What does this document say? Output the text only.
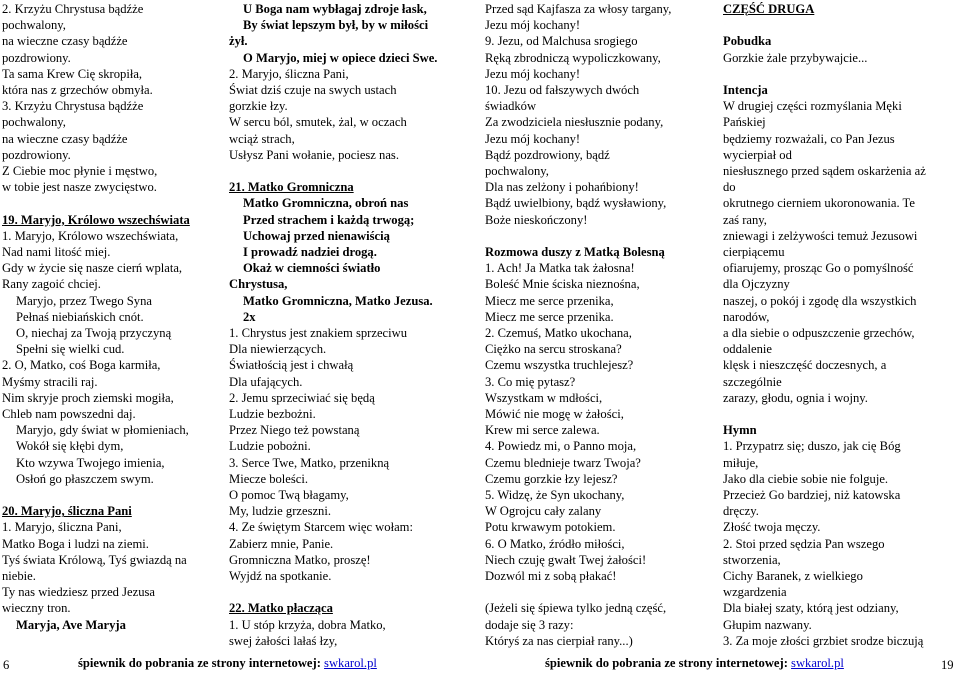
2. Krzyżu Chrystusa bądźże
pochwalony,
na wieczne czasy bądźże
pozdrowiony.
Ta sama Krew Cię skropiła,
która nas z grzechów obmyła.
3. Krzyżu Chrystusa bądźże
pochwalony,
na wieczne czasy bądźże
pozdrowiony.
Z Ciebie moc płynie i męstwo,
w tobie jest nasze zwycięstwo.
19. Maryjo, Królowo wszechświata
1. Maryjo, Królowo wszechświata,
Nad nami litość miej.
Gdy w życie się nasze cierń wplata,
Rany zagoić chciej.
Maryjo, przez Twego Syna
Pełnaś niebiańskich cnót.
O, niechaj za Twoją przyczyną
Spełni się wielki cud.
2. O, Matko, coś Boga karmiła,
Myśmy stracili raj.
Nim skryje proch ziemski mogiła,
Chleb nam powszedni daj.
Maryjo, gdy świat w płomieniach,
Wokół się kłębi dym,
Kto wzywa Twojego imienia,
Osłoń go płaszczem swym.
20. Maryjo, śliczna Pani
1. Maryjo, śliczna Pani,
Matko Boga i ludzi na ziemi.
Tyś świata Królową, Tyś gwiazdą na
niebie.
Ty nas wiedziesz przed Jezusa
wieczny tron.
Maryja, Ave Maryja
U Boga nam wybłagaj zdroje łask,
By świat lepszym był, by w miłości
żył.
O Maryjo, miej w opiece dzieci Swe.
2. Maryjo, śliczna Pani,
Świat dziś czuje na swych ustach
gorzkie łzy.
W sercu ból, smutek, żal, w oczach
wciąż strach,
Usłysz Pani wołanie, pociesz nas.
21. Matko Gromniczna
Matko Gromniczna, obroń nas
Przed strachem i każdą trwogą;
Uchowaj przed nienawiścią
I prowadź nadziei drogą.
Okaż w ciemności światło
Chrystusa,
Matko Gromniczna, Matko Jezusa.
2x
1. Chrystus jest znakiem sprzeciwu
Dla niewierzących.
Światłością jest i chwałą
Dla ufających.
2. Jemu sprzeciwiać się będą
Ludzie bezbożni.
Przez Niego też powstaną
Ludzie pobożni.
3. Serce Twe, Matko, przenikną
Miecze boleści.
O pomoc Twą błagamy,
My, ludzie grzeszni.
4. Ze świętym Starcem więc wołam:
Zabierz mnie, Panie.
Gromniczna Matko, proszę!
Wyjdź na spotkanie.
22. Matko płacząca
1. U stóp krzyża, dobra Matko,
swej żałości lałaś łzy,
Przed sąd Kajfasza za włosy targany,
Jezu mój kochany!
9. Jezu, od Malchusa srogiego
Ręką zbrodniczą wypoliczkowany,
Jezu mój kochany!
10. Jezu od fałszywych dwóch
świadków
Za zwodziciela niesłusznie podany,
Jezu mój kochany!
Bądź pozdrowiony, bądź
pochwalony,
Dla nas zelżony i pohańbiony!
Bądź uwielbiony, bądź wysławiony,
Boże nieskończony!
Rozmowa duszy z Matką Bolesną
1. Ach! Ja Matka tak żałosna!
Boleść Mnie ściska nieznośna,
Miecz me serce przenika,
Miecz me serce przenika.
2. Czemuś, Matko ukochana,
Ciężko na sercu stroskana?
Czemu wszystka truchlejesz?
3. Co mię pytasz?
Wszystkam w mdłości,
Mówić nie mogę w żałości,
Krew mi serce zalewa.
4. Powiedz mi, o Panno moja,
Czemu bledniejе twarz Twoja?
Czemu gorzkie łzy lejesz?
5. Widzę, że Syn ukochany,
W Ogrojcu cały zalany
Potu krwawym potokiem.
6. O Matko, źródło miłości,
Niech czuję gwałt Twej żałości!
Dozwól mi z sobą płakać!
(Jeżeli się śpiewa tylko jedną część,
dodaje się 3 razy:
Któryś za nas cierpiał rany...)
CZĘŚĆ DRUGA
Pobudka
Gorzkie żale przybywajcie...
Intencja
W drugiej części rozmyślania Męki
Pańskiej
będziemy rozważali, co Pan Jezus
wycierpiał od
niesłusznego przed sądem oskarżenia aż
do
okrutnego cierniem ukoronowania. Te
zaś rany,
zniewagi i zelżywości temuż Jezusowi
cierpiącemu
ofiarujemy, prosząc Go o pomyślność
dla Ojczyzny
naszej, o pokój i zgodę dla wszystkich
narodów,
a dla siebie o odpuszczenie grzechów,
oddalenie
klęsk i nieszczęść doczesnych, a
szczególnie
zarazy, głodu, ognia i wojny.
Hymn
1. Przypatrz się; duszo, jak cię Bóg
miłuje,
Jako dla ciebie sobie nie folguje.
Przecież Go bardziej, niż katowska
dręczy.
Złość twoja męczy.
2. Stoi przed sędzia Pan wszego
stworzenia,
Cichy Baranek, z wielkiego
wzgardzenia
Dla białej szaty, którą jest odziany,
Głupim nazwany.
3. Za moje złości grzbiet srodze biczują
6	śpiewnik do pobrania ze strony internetowej: swkarol.pl	śpiewnik do pobrania ze strony internetowej: swkarol.pl	19
